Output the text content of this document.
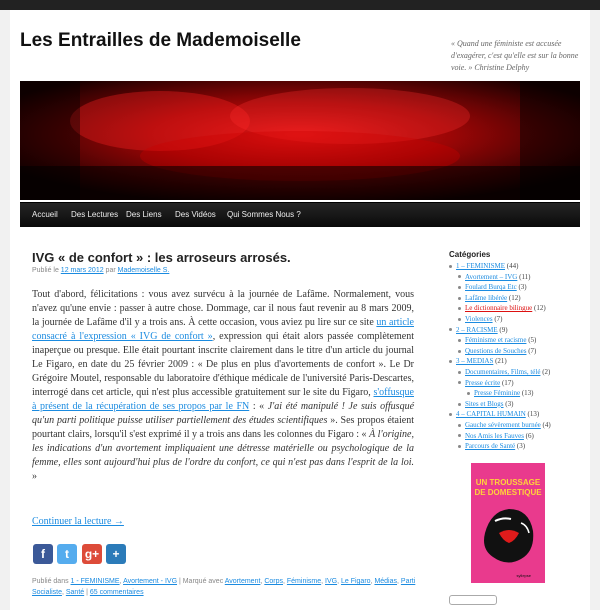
Les Entrailles de Mademoiselle	« Quand une féministe est accusée d'exagérer, c'est qu'elle est sur la bonne voie. » Christine Delphy
Accueil Des Lectures Des Liens Des Vidéos Qui Sommes Nous ?
IVG « de confort » : les arroseurs arrosés.
Publié le 12 mars 2012 par Mademoiselle S.
Tout d'abord, félicitations : vous avez survécu à la journée de Lafâme. Normalement, vous n'avez qu'une envie : passer à autre chose. Dommage, car il nous faut revenir au 8 mars 2009, la journée de Lafâme d'il y a trois ans. À cette occasion, vous aviez pu lire sur ce site un article consacré à l'expression « IVG de confort », expression qui était alors passée complètement inaperçue ou presque. Elle était pourtant inscrite clairement dans le titre d'un article du journal Le Figaro, en date du 25 février 2009 : « De plus en plus d'avortements de confort ». Le Dr Grégoire Moutel, responsable du laboratoire d'éthique médicale de l'université Paris-Descartes, interrogé dans cet article, qui n'est plus accessible gratuitement sur le site du Figaro, s'offusque à présent de la récupération de ses propos par le FN : « J'ai été manipulé ! Je suis offusqué qu'un parti politique puisse utiliser partiellement des études scientifiques ». Ses propos étaient pourtant clairs, lorsqu'il s'est exprimé il y a trois ans dans les colonnes du Figaro : « À l'origine, les indications d'un avortement impliquaient une détresse matérielle ou psychologique de la femme, elles sont aujourd'hui plus de l'ordre du confort, ce qui n'est pas dans l'esprit de la loi. »
Continuer la lecture →
f	t	g+	+
Publié dans 1 - FEMINISME, Avortement - IVG | Marqué avec Avortement, Corps, Féminisme, IVG, Le Figaro, Médias, Parti Socialiste, Santé | 65 commentaires
Catégories
1 – FEMINISME (44)
Avortement – IVG (11)
Foulard Burqa Etc (3)
Lafâme libérée (12)
Le dictionnaire bilingue (12)
Violences (7)
2 – RACISME (9)
Féminisme et racisme (5)
Questions de Souches (7)
3 – MEDIAS (21)
Documentaires, Films, télé (2)
Presse écrite (17)
Presse Féminine (13)
Sites et Blogs (3)
4 – CAPITAL HUMAIN (13)
Gauche sévèrement burnée (4)
Nos Amis les Fauves (6)
Parcours de Santé (3)
UN TROUSSAGE
DE DOMESTIQUE
syllepse
